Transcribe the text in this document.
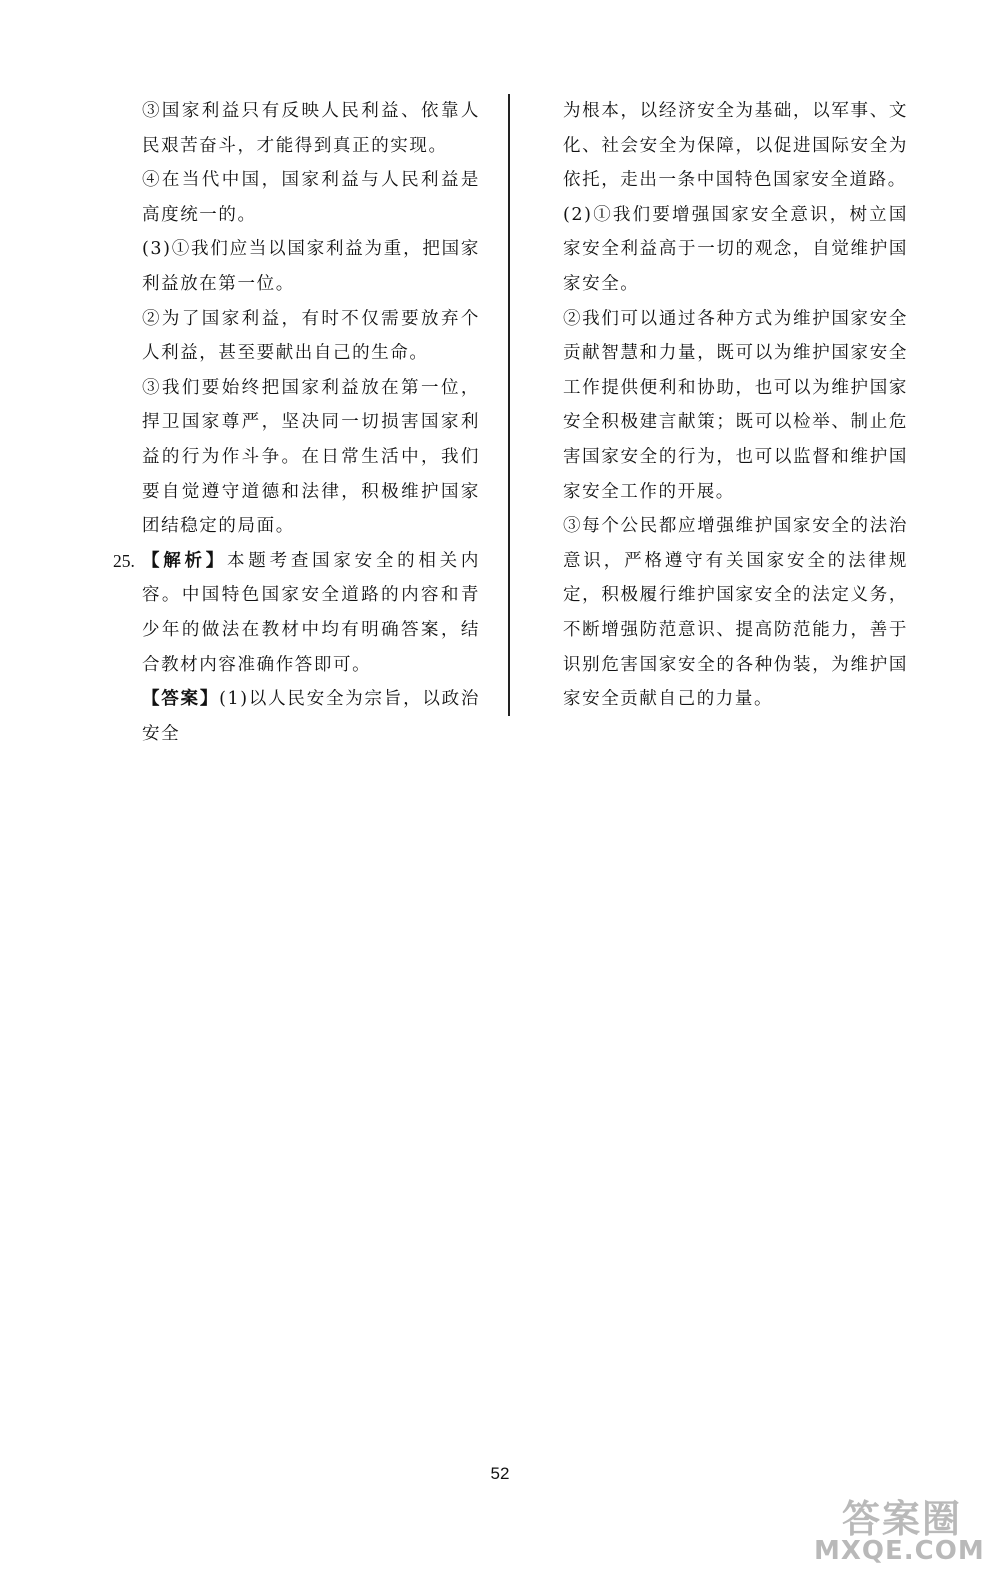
③国家利益只有反映人民利益、依靠人民艰苦奋斗，才能得到真正的实现。

④在当代中国，国家利益与人民利益是高度统一的。

(3)①我们应当以国家利益为重，把国家利益放在第一位。

②为了国家利益，有时不仅需要放弃个人利益，甚至要献出自己的生命。

③我们要始终把国家利益放在第一位，捍卫国家尊严，坚决同一切损害国家利益的行为作斗争。在日常生活中，我们要自觉遵守道德和法律，积极维护国家团结稳定的局面。

25. 【解析】本题考查国家安全的相关内容。中国特色国家安全道路的内容和青少年的做法在教材中均有明确答案，结合教材内容准确作答即可。

【答案】(1)以人民安全为宗旨，以政治安全

为根本，以经济安全为基础，以军事、文化、社会安全为保障，以促进国际安全为依托，走出一条中国特色国家安全道路。

(2)①我们要增强国家安全意识，树立国家安全利益高于一切的观念，自觉维护国家安全。

②我们可以通过各种方式为维护国家安全贡献智慧和力量，既可以为维护国家安全工作提供便利和协助，也可以为维护国家安全积极建言献策；既可以检举、制止危害国家安全的行为，也可以监督和维护国家安全工作的开展。

③每个公民都应增强维护国家安全的法治意识，严格遵守有关国家安全的法律规定，积极履行维护国家安全的法定义务，不断增强防范意识、提高防范能力，善于识别危害国家安全的各种伪装，为维护国家安全贡献自己的力量。

52
答案圈
MXQE.COM
